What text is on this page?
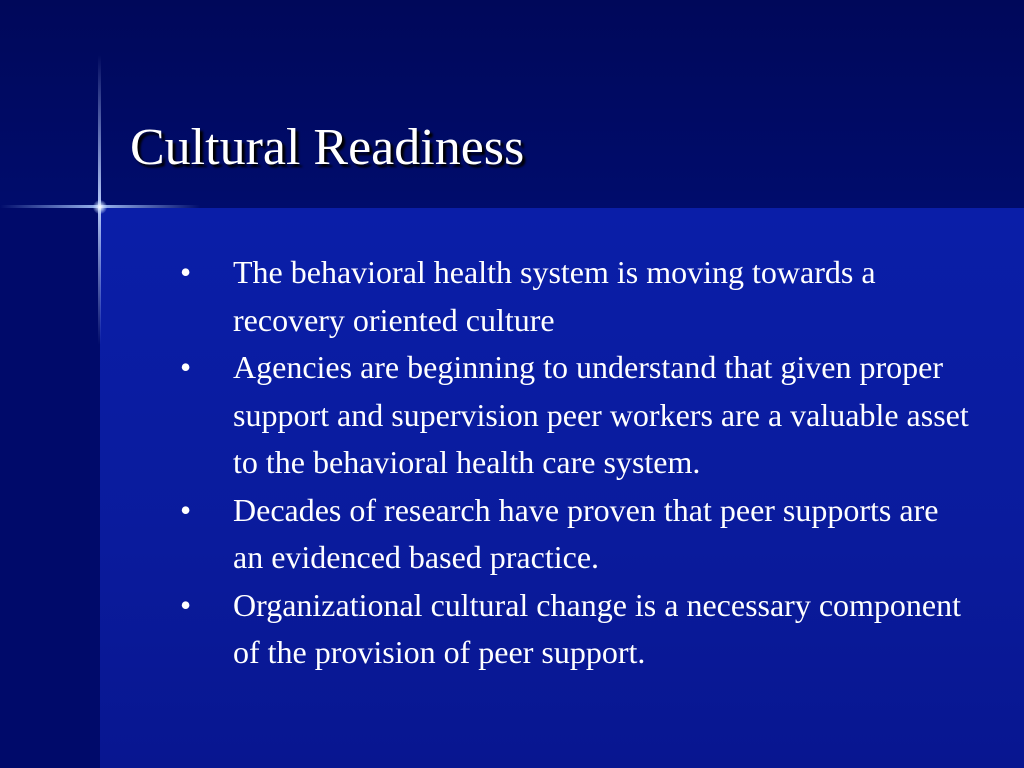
Cultural Readiness
•	The behavioral health system is moving towards a recovery oriented culture
•	Agencies are beginning to understand that given proper support and supervision peer workers are a valuable asset to the behavioral health care system.
•	Decades of research have proven that peer supports are an evidenced based practice.
•	Organizational cultural change is a necessary component of the provision of peer support.
